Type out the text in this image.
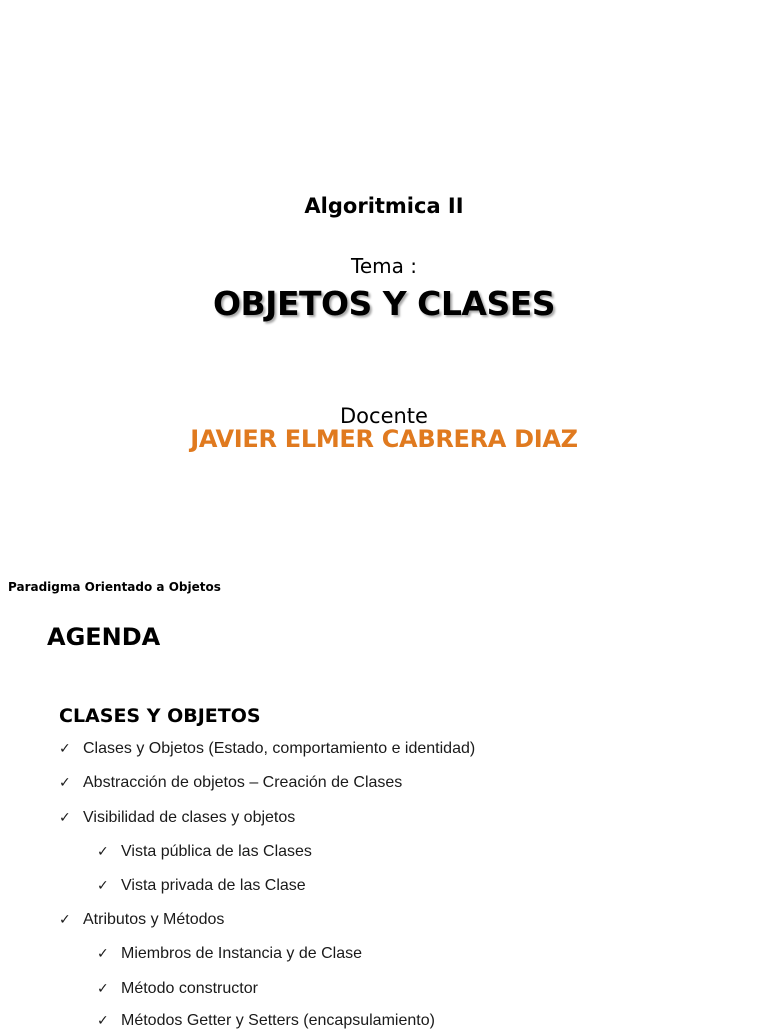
Algoritmica II
Tema :
OBJETOS Y CLASES
Docente
JAVIER ELMER CABRERA DIAZ
Paradigma Orientado a Objetos
AGENDA
CLASES Y OBJETOS
✓ Clases y Objetos (Estado, comportamiento e identidad)
✓ Abstracción de objetos – Creación de Clases
✓ Visibilidad de clases y objetos
✓ Vista pública de las Clases
✓ Vista privada de las Clase
✓ Atributos y Métodos
✓ Miembros de Instancia y de Clase
✓ Método constructor
✓ Métodos Getter y Setters (encapsulamiento)
